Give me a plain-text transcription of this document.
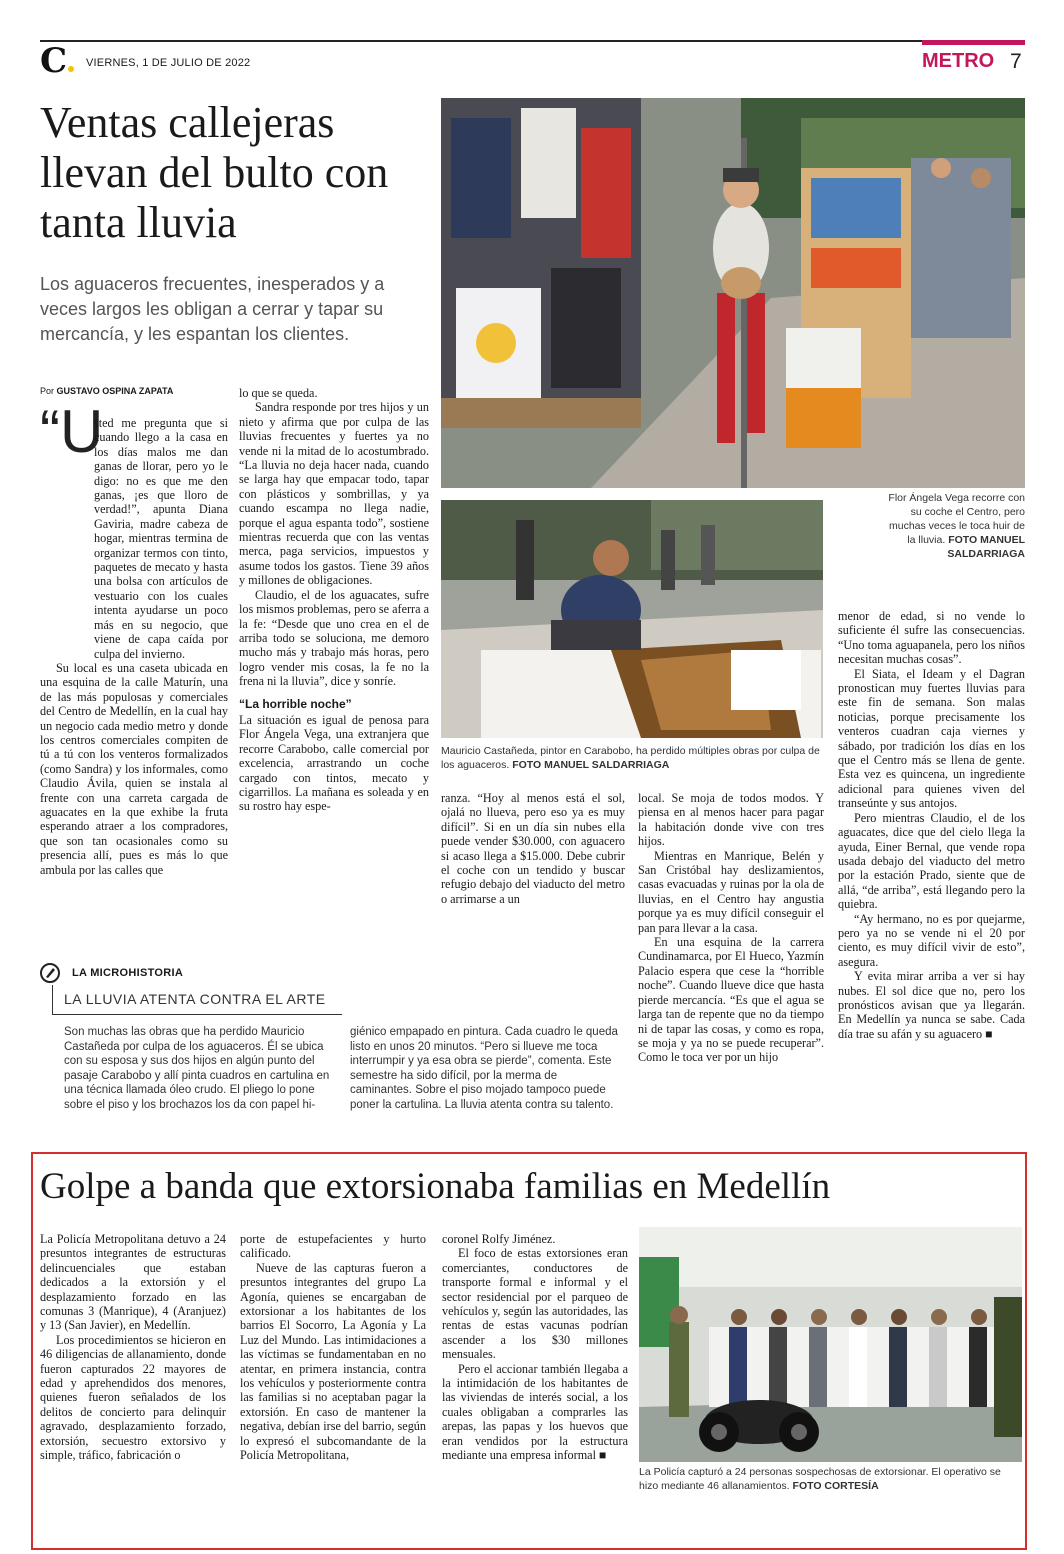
C	VIERNES, 1 DE JULIO DE 2022	METRO 7
Ventas callejeras llevan del bulto con tanta lluvia
Los aguaceros frecuentes, inesperados y a veces largos les obligan a cerrar y tapar su mercancía, y les espantan los clientes.
Flor Ángela Vega recorre con su coche el Centro, pero muchas veces le toca huir de la lluvia. FOTO MANUEL SALDARRIAGA
Mauricio Castañeda, pintor en Carabobo, ha perdido múltiples obras por culpa de los aguaceros. FOTO MANUEL SALDARRIAGA
Por GUSTAVO OSPINA ZAPATA
“U

sted me pregunta que si cuando llego a la casa en los días malos me dan ganas de llorar, pero yo le digo: no es que me den ganas, ¡es que lloro de verdad!”, apunta Diana Gaviria, madre cabeza de hogar, mientras termina de organizar termos con tinto, paquetes de mecato y hasta una bolsa con artículos de vestuario con los cuales intenta ayudarse un poco más en su negocio, que viene de capa caída por culpa del invierno.

Su local es una caseta ubicada en una esquina de la calle Maturín, una de las más populosas y comerciales del Centro de Medellín, en la cual hay un negocio cada medio metro y donde los centros comerciales compiten de tú a tú con los venteros formalizados (como Sandra) y los informales, como Claudio Ávila, quien se instala al frente con una carreta cargada de aguacates en la que exhibe la fruta esperando atraer a los compradores, que son tan ocasionales como su presencia allí, pues es más lo que ambula por las calles que

lo que se queda.

Sandra responde por tres hijos y un nieto y afirma que por culpa de las lluvias frecuentes y fuertes ya no vende ni la mitad de lo acostumbrado. “La lluvia no deja hacer nada, cuando se larga hay que empacar todo, tapar con plásticos y sombrillas, y ya cuando escampa no llega nadie, porque el agua espanta todo”, sostiene mientras recuerda que con las ventas merca, paga servicios, impuestos y asume todos los gastos. Tiene 39 años y millones de obligaciones.

Claudio, el de los aguacates, sufre los mismos problemas, pero se aferra a la fe: “Desde que uno crea en el de arriba todo se soluciona, me demoro mucho más y trabajo más horas, pero logro vender mis cosas, la fe no la frena ni la lluvia”, dice y sonríe.

“La horrible noche”

La situación es igual de penosa para Flor Ángela Vega, una extranjera que recorre Carabobo, calle comercial por excelencia, arrastrando un coche cargado con tintos, mecato y cigarrillos. La mañana es soleada y en su rostro hay espe-

ranza. “Hoy al menos está el sol, ojalá no llueva, pero eso ya es muy difícil”. Si en un día sin nubes ella puede vender $30.000, con aguacero si acaso llega a $15.000. Debe cubrir el coche con un tendido y buscar refugio debajo del viaducto del metro o arrimarse a un

local. Se moja de todos modos. Y piensa en al menos hacer para pagar la habitación donde vive con tres hijos.

Mientras en Manrique, Belén y San Cristóbal hay deslizamientos, casas evacuadas y ruinas por la ola de lluvias, en el Centro hay angustia porque ya es muy difícil conseguir el pan para llevar a la casa.

En una esquina de la carrera Cundinamarca, por El Hueco, Yazmín Palacio espera que cese la “horrible noche”. Cuando llueve dice que hasta pierde mercancía. “Es que el agua se larga tan de repente que no da tiempo ni de tapar las cosas, y como es ropa, se moja y ya no se puede recuperar”. Como le toca ver por un hijo

menor de edad, si no vende lo suficiente él sufre las consecuencias. “Uno toma aguapanela, pero los niños necesitan muchas cosas”.

El Siata, el Ideam y el Dagran pronostican muy fuertes lluvias para este fin de semana. Son malas noticias, porque precisamente los venteros cuadran caja viernes y sábado, por tradición los días en los que el Centro más se llena de gente. Esta vez es quincena, un ingrediente adicional para quienes viven del transeúnte y sus antojos.

Pero mientras Claudio, el de los aguacates, dice que del cielo llega la ayuda, Einer Bernal, que vende ropa usada debajo del viaducto del metro por la estación Prado, siente que de allá, “de arriba”, está llegando pero la quiebra.

“Ay hermano, no es por quejarme, pero ya no se vende ni el 20 por ciento, es muy difícil vivir de esto”, asegura.

Y evita mirar arriba a ver si hay nubes. El sol dice que no, pero los pronósticos avisan que ya llegarán. En Medellín ya nunca se sabe. Cada día trae su afán y su aguacero ■

LA MICROHISTORIA
LA LLUVIA ATENTA CONTRA EL ARTE

Son muchas las obras que ha perdido Mauricio Castañeda por culpa de los aguaceros. Él se ubica con su esposa y sus dos hijos en algún punto del pasaje Carabobo y allí pinta cuadros en cartulina en una técnica llamada óleo crudo. El pliego lo pone sobre el piso y los brochazos los da con papel hi-

giénico empapado en pintura. Cada cuadro le queda listo en unos 20 minutos. “Pero si llueve me toca interrumpir y ya esa obra se pierde”, comenta. Este semestre ha sido difícil, por la merma de caminantes. Sobre el piso mojado tampoco puede poner la cartulina. La lluvia atenta contra su talento.

Golpe a banda que extorsionaba familias en Medellín

La Policía Metropolitana detuvo a 24 presuntos integrantes de estructuras delincuenciales que estaban dedicados a la extorsión y el desplazamiento forzado en las comunas 3 (Manrique), 4 (Aranjuez) y 13 (San Javier), en Medellín.

Los procedimientos se hicieron en 46 diligencias de allanamiento, donde fueron capturados 22 mayores de edad y aprehendidos dos menores, quienes fueron señalados de los delitos de concierto para delinquir agravado, desplazamiento forzado, extorsión, secuestro extorsivo y simple, tráfico, fabricación o

porte de estupefacientes y hurto calificado.

Nueve de las capturas fueron a presuntos integrantes del grupo La Agonía, quienes se encargaban de extorsionar a los habitantes de los barrios El Socorro, La Agonía y La Luz del Mundo. Las intimidaciones a las víctimas se fundamentaban en no atentar, en primera instancia, contra los vehículos y posteriormente contra las familias si no aceptaban pagar la extorsión. En caso de mantener la negativa, debían irse del barrio, según lo expresó el subcomandante de la Policía Metropolitana,

coronel Rolfy Jiménez.

El foco de estas extorsiones eran comerciantes, conductores de transporte formal e informal y el sector residencial por el parqueo de vehículos y, según las autoridades, las rentas de estas vacunas podrían ascender a los $30 millones mensuales.

Pero el accionar también llegaba a la intimidación de los habitantes de las viviendas de interés social, a los cuales obligaban a comprarles las arepas, las papas y los huevos que eran vendidos por la estructura mediante una empresa informal ■

La Policía capturó a 24 personas sospechosas de extorsionar. El operativo se hizo mediante 46 allanamientos. FOTO CORTESÍA
